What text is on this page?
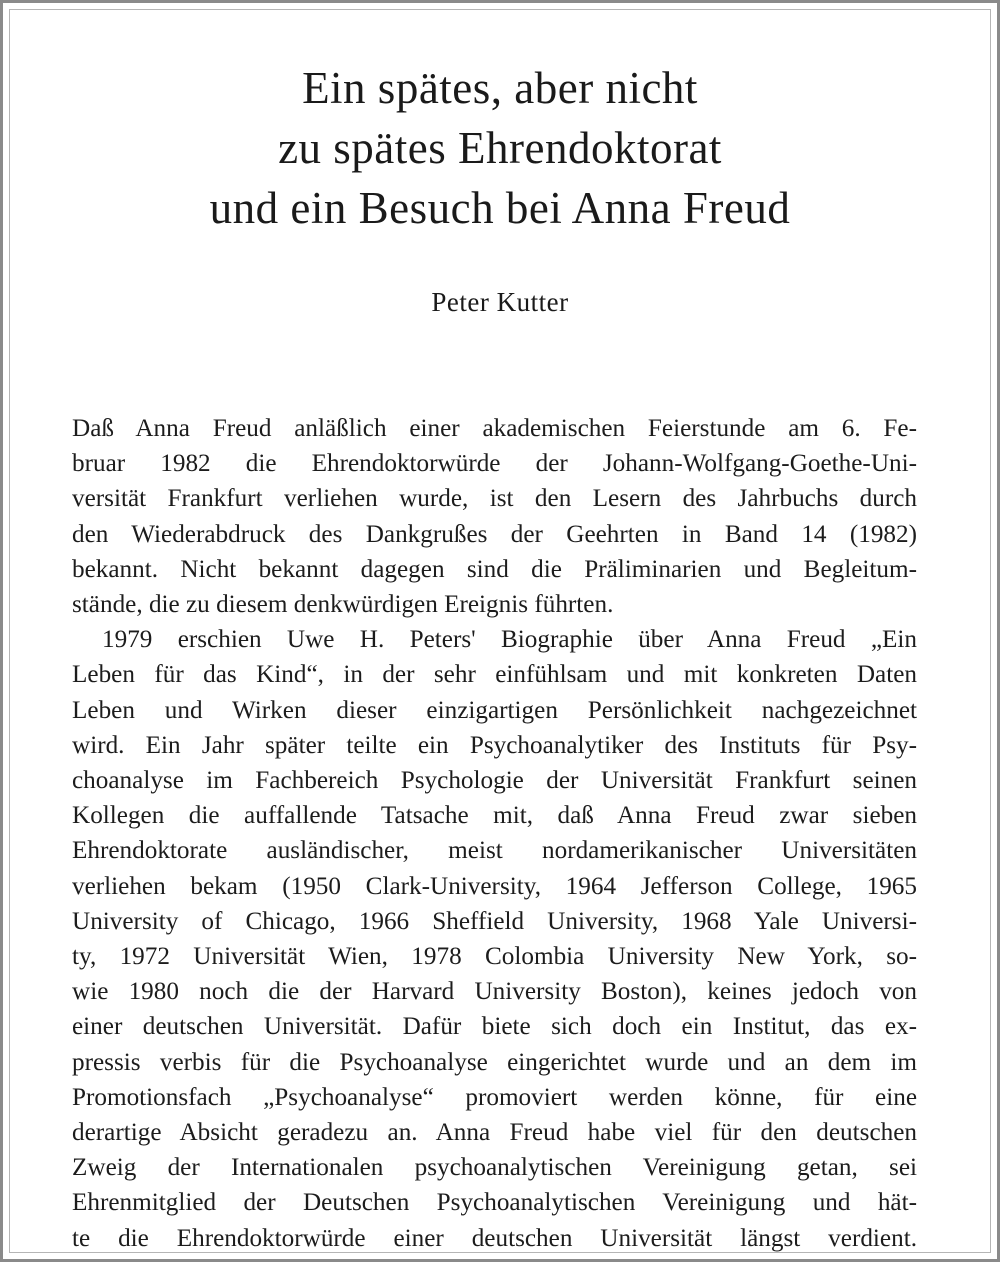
Ein spätes, aber nicht
zu spätes Ehrendoktorat
und ein Besuch bei Anna Freud
Peter Kutter

Daß Anna Freud anläßlich einer akademischen Feierstunde am 6. Fe-
bruar 1982 die Ehrendoktorwürde der Johann-Wolfgang-Goethe-Uni-
versität Frankfurt verliehen wurde, ist den Lesern des Jahrbuchs durch
den Wiederabdruck des Dankgrußes der Geehrten in Band 14 (1982)
bekannt. Nicht bekannt dagegen sind die Präliminarien und Begleitum-
stände, die zu diesem denkwürdigen Ereignis führten.

1979 erschien Uwe H. Peters' Biographie über Anna Freud „Ein
Leben für das Kind“, in der sehr einfühlsam und mit konkreten Daten
Leben und Wirken dieser einzigartigen Persönlichkeit nachgezeichnet
wird. Ein Jahr später teilte ein Psychoanalytiker des Instituts für Psy-
choanalyse im Fachbereich Psychologie der Universität Frankfurt seinen
Kollegen die auffallende Tatsache mit, daß Anna Freud zwar sieben
Ehrendoktorate ausländischer, meist nordamerikanischer Universitäten
verliehen bekam (1950 Clark-University, 1964 Jefferson College, 1965
University of Chicago, 1966 Sheffield University, 1968 Yale Universi-
ty, 1972 Universität Wien, 1978 Colombia University New York, so-
wie 1980 noch die der Harvard University Boston), keines jedoch von
einer deutschen Universität. Dafür biete sich doch ein Institut, das ex-
pressis verbis für die Psychoanalyse eingerichtet wurde und an dem im
Promotionsfach „Psychoanalyse“ promoviert werden könne, für eine
derartige Absicht geradezu an. Anna Freud habe viel für den deutschen
Zweig der Internationalen psychoanalytischen Vereinigung getan, sei
Ehrenmitglied der Deutschen Psychoanalytischen Vereinigung und hät-
te die Ehrendoktorwürde einer deutschen Universität längst verdient.
